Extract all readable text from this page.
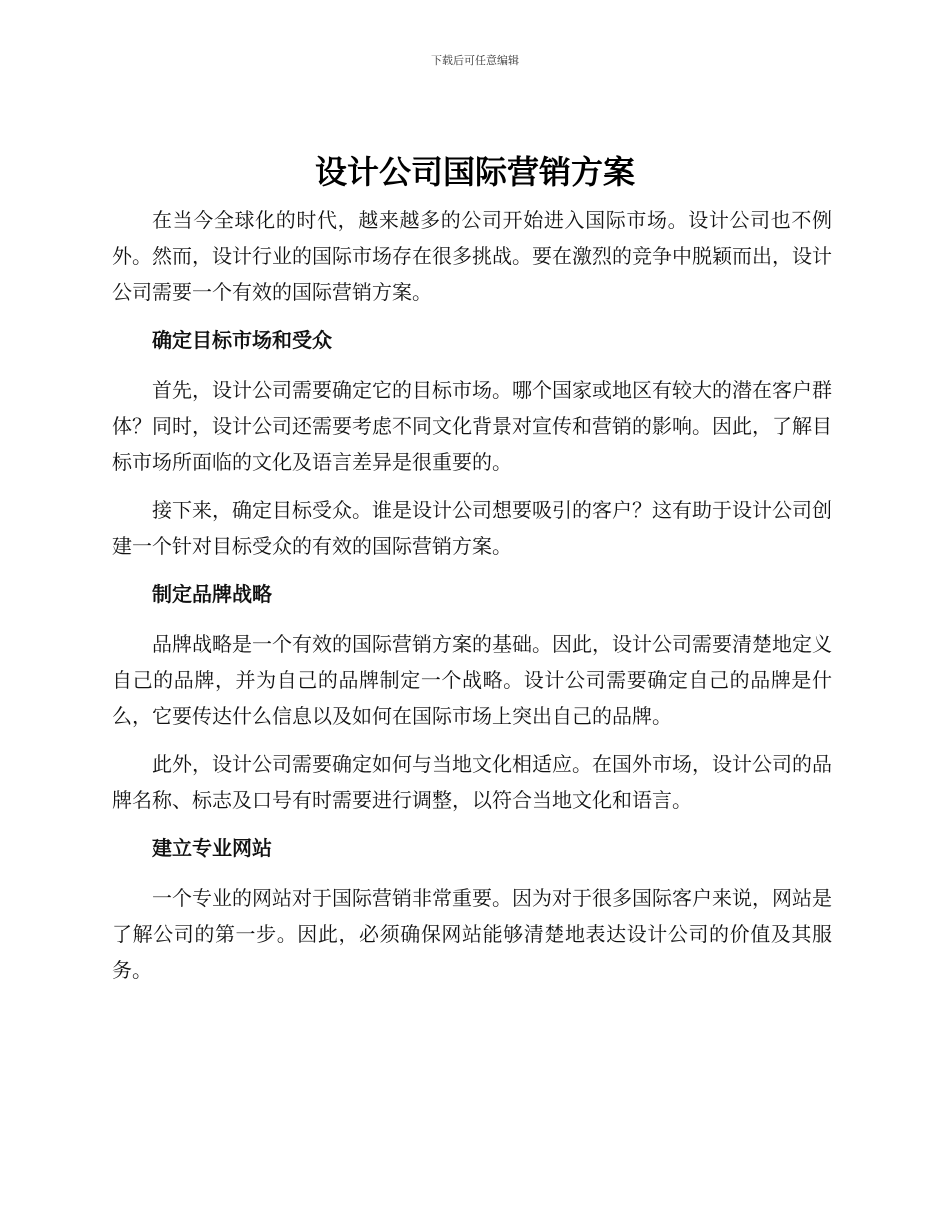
下载后可任意编辑
设计公司国际营销方案

在当今全球化的时代，越来越多的公司开始进入国际市场。设计公司也不例外。然而，设计行业的国际市场存在很多挑战。要在激烈的竞争中脱颖而出，设计公司需要一个有效的国际营销方案。

确定目标市场和受众

首先，设计公司需要确定它的目标市场。哪个国家或地区有较大的潜在客户群体？同时，设计公司还需要考虑不同文化背景对宣传和营销的影响。因此，了解目标市场所面临的文化及语言差异是很重要的。

接下来，确定目标受众。谁是设计公司想要吸引的客户？这有助于设计公司创建一个针对目标受众的有效的国际营销方案。

制定品牌战略

品牌战略是一个有效的国际营销方案的基础。因此，设计公司需要清楚地定义自己的品牌，并为自己的品牌制定一个战略。设计公司需要确定自己的品牌是什么，它要传达什么信息以及如何在国际市场上突出自己的品牌。

此外，设计公司需要确定如何与当地文化相适应。在国外市场，设计公司的品牌名称、标志及口号有时需要进行调整，以符合当地文化和语言。

建立专业网站

一个专业的网站对于国际营销非常重要。因为对于很多国际客户来说，网站是了解公司的第一步。因此，必须确保网站能够清楚地表达设计公司的价值及其服务。
